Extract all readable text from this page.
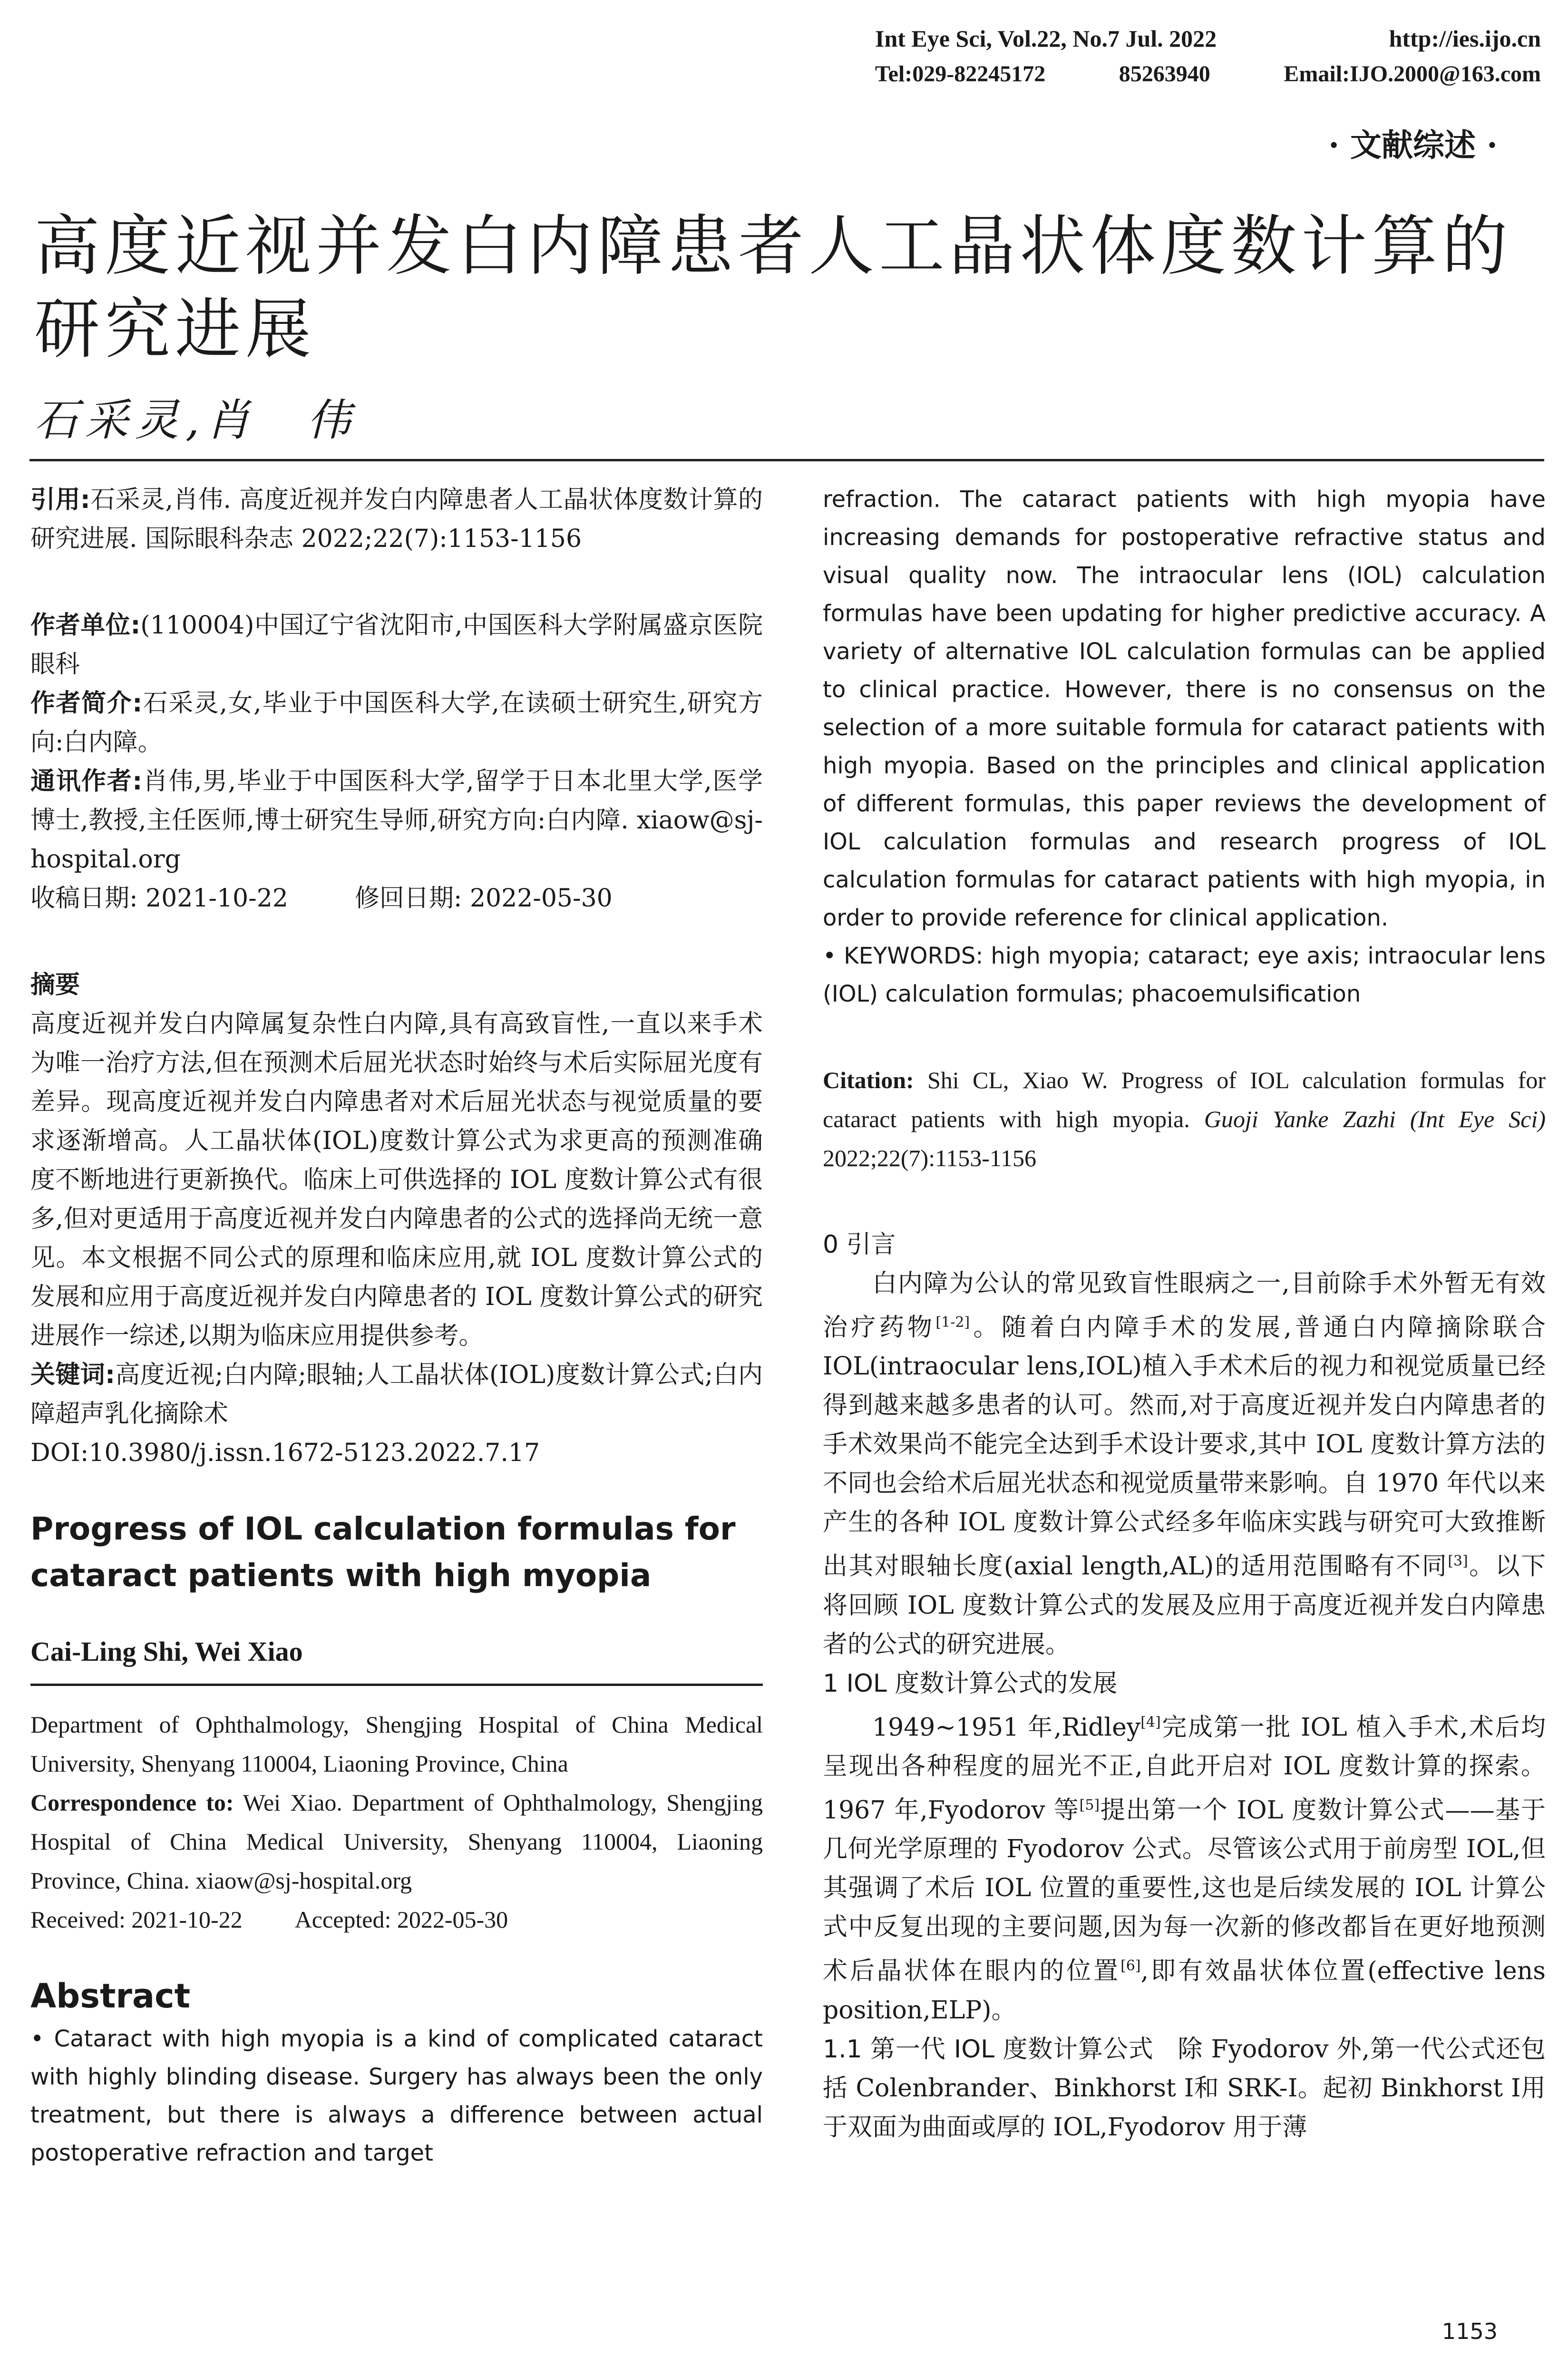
Int Eye Sci, Vol.22, No.7 Jul. 2022	http://ies.ijo.cn
Tel:029-82245172	85263940	Email:IJO.2000@163.com
· 文献综述 ·
高度近视并发白内障患者人工晶状体度数计算的研究进展
石采灵,肖　伟
引用:石采灵,肖伟. 高度近视并发白内障患者人工晶状体度数计算的研究进展. 国际眼科杂志 2022;22(7):1153-1156
作者单位:(110004)中国辽宁省沈阳市,中国医科大学附属盛京医院眼科
作者简介:石采灵,女,毕业于中国医科大学,在读硕士研究生,研究方向:白内障。
通讯作者:肖伟,男,毕业于中国医科大学,留学于日本北里大学,医学博士,教授,主任医师,博士研究生导师,研究方向:白内障. xiaow@sj-hospital.org
收稿日期: 2021-10-22	修回日期: 2022-05-30
摘要
高度近视并发白内障属复杂性白内障,具有高致盲性,一直以来手术为唯一治疗方法,但在预测术后屈光状态时始终与术后实际屈光度有差异。现高度近视并发白内障患者对术后屈光状态与视觉质量的要求逐渐增高。人工晶状体(IOL)度数计算公式为求更高的预测准确度不断地进行更新换代。临床上可供选择的 IOL 度数计算公式有很多,但对更适用于高度近视并发白内障患者的公式的选择尚无统一意见。本文根据不同公式的原理和临床应用,就 IOL 度数计算公式的发展和应用于高度近视并发白内障患者的 IOL 度数计算公式的研究进展作一综述,以期为临床应用提供参考。
关键词:高度近视;白内障;眼轴;人工晶状体(IOL)度数计算公式;白内障超声乳化摘除术
DOI:10.3980/j.issn.1672-5123.2022.7.17
Progress of IOL calculation formulas for cataract patients with high myopia
Cai-Ling Shi, Wei Xiao
Department of Ophthalmology, Shengjing Hospital of China Medical University, Shenyang 110004, Liaoning Province, China
Correspondence to: Wei Xiao. Department of Ophthalmology, Shengjing Hospital of China Medical University, Shenyang 110004, Liaoning Province, China. xiaow@sj-hospital.org
Received: 2021-10-22 Accepted: 2022-05-30
Abstract
• Cataract with high myopia is a kind of complicated cataract with highly blinding disease. Surgery has always been the only treatment, but there is always a difference between actual postoperative refraction and target
refraction. The cataract patients with high myopia have increasing demands for postoperative refractive status and visual quality now. The intraocular lens (IOL) calculation formulas have been updating for higher predictive accuracy. A variety of alternative IOL calculation formulas can be applied to clinical practice. However, there is no consensus on the selection of a more suitable formula for cataract patients with high myopia. Based on the principles and clinical application of different formulas, this paper reviews the development of IOL calculation formulas and research progress of IOL calculation formulas for cataract patients with high myopia, in order to provide reference for clinical application.
• KEYWORDS: high myopia; cataract; eye axis; intraocular lens (IOL) calculation formulas; phacoemulsification
Citation: Shi CL, Xiao W. Progress of IOL calculation formulas for cataract patients with high myopia. Guoji Yanke Zazhi (Int Eye Sci) 2022;22(7):1153-1156
0 引言
白内障为公认的常见致盲性眼病之一,目前除手术外暂无有效治疗药物[1-2]。随着白内障手术的发展,普通白内障摘除联合 IOL(intraocular lens,IOL)植入手术术后的视力和视觉质量已经得到越来越多患者的认可。然而,对于高度近视并发白内障患者的手术效果尚不能完全达到手术设计要求,其中 IOL 度数计算方法的不同也会给术后屈光状态和视觉质量带来影响。自 1970 年代以来产生的各种 IOL 度数计算公式经多年临床实践与研究可大致推断出其对眼轴长度(axial length,AL)的适用范围略有不同[3]。以下将回顾 IOL 度数计算公式的发展及应用于高度近视并发白内障患者的公式的研究进展。
1 IOL 度数计算公式的发展
1949~1951 年,Ridley[4]完成第一批 IOL 植入手术,术后均呈现出各种程度的屈光不正,自此开启对 IOL 度数计算的探索。1967 年,Fyodorov 等[5]提出第一个 IOL 度数计算公式——基于几何光学原理的 Fyodorov 公式。尽管该公式用于前房型 IOL,但其强调了术后 IOL 位置的重要性,这也是后续发展的 IOL 计算公式中反复出现的主要问题,因为每一次新的修改都旨在更好地预测术后晶状体在眼内的位置[6],即有效晶状体位置(effective lens position,ELP)。
1.1 第一代 IOL 度数计算公式 除 Fyodorov 外,第一代公式还包括 Colenbrander、Binkhorst Ⅰ和 SRK-Ⅰ。起初 Binkhorst Ⅰ用于双面为曲面或厚的 IOL,Fyodorov 用于薄
1153
